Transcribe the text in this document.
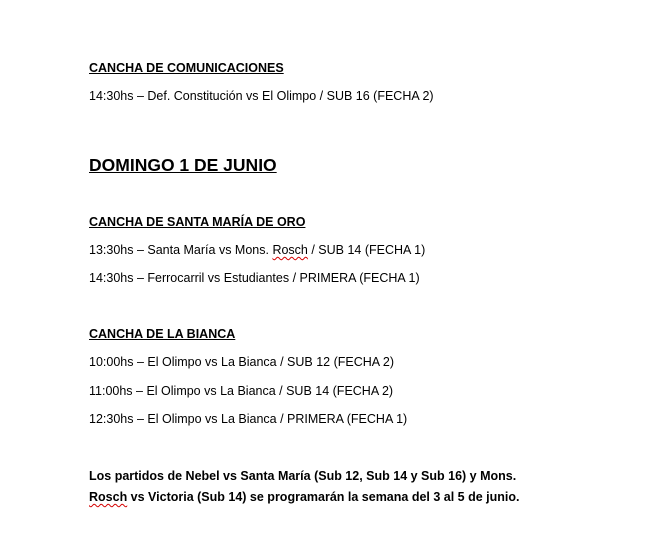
CANCHA DE COMUNICACIONES
14:30hs – Def. Constitución vs El Olimpo / SUB 16 (FECHA 2)
DOMINGO 1 DE JUNIO
CANCHA DE SANTA MARÍA DE ORO
13:30hs – Santa María vs Mons. Rosch / SUB 14 (FECHA 1)
14:30hs – Ferrocarril vs Estudiantes / PRIMERA (FECHA 1)
CANCHA DE LA BIANCA
10:00hs – El Olimpo vs La Bianca / SUB 12 (FECHA 2)
11:00hs – El Olimpo vs La Bianca / SUB 14 (FECHA 2)
12:30hs – El Olimpo vs La Bianca / PRIMERA (FECHA 1)
Los partidos de Nebel vs Santa María (Sub 12, Sub 14 y Sub 16) y Mons.
Rosch vs Victoria (Sub 14) se programarán la semana del 3 al 5 de junio.
